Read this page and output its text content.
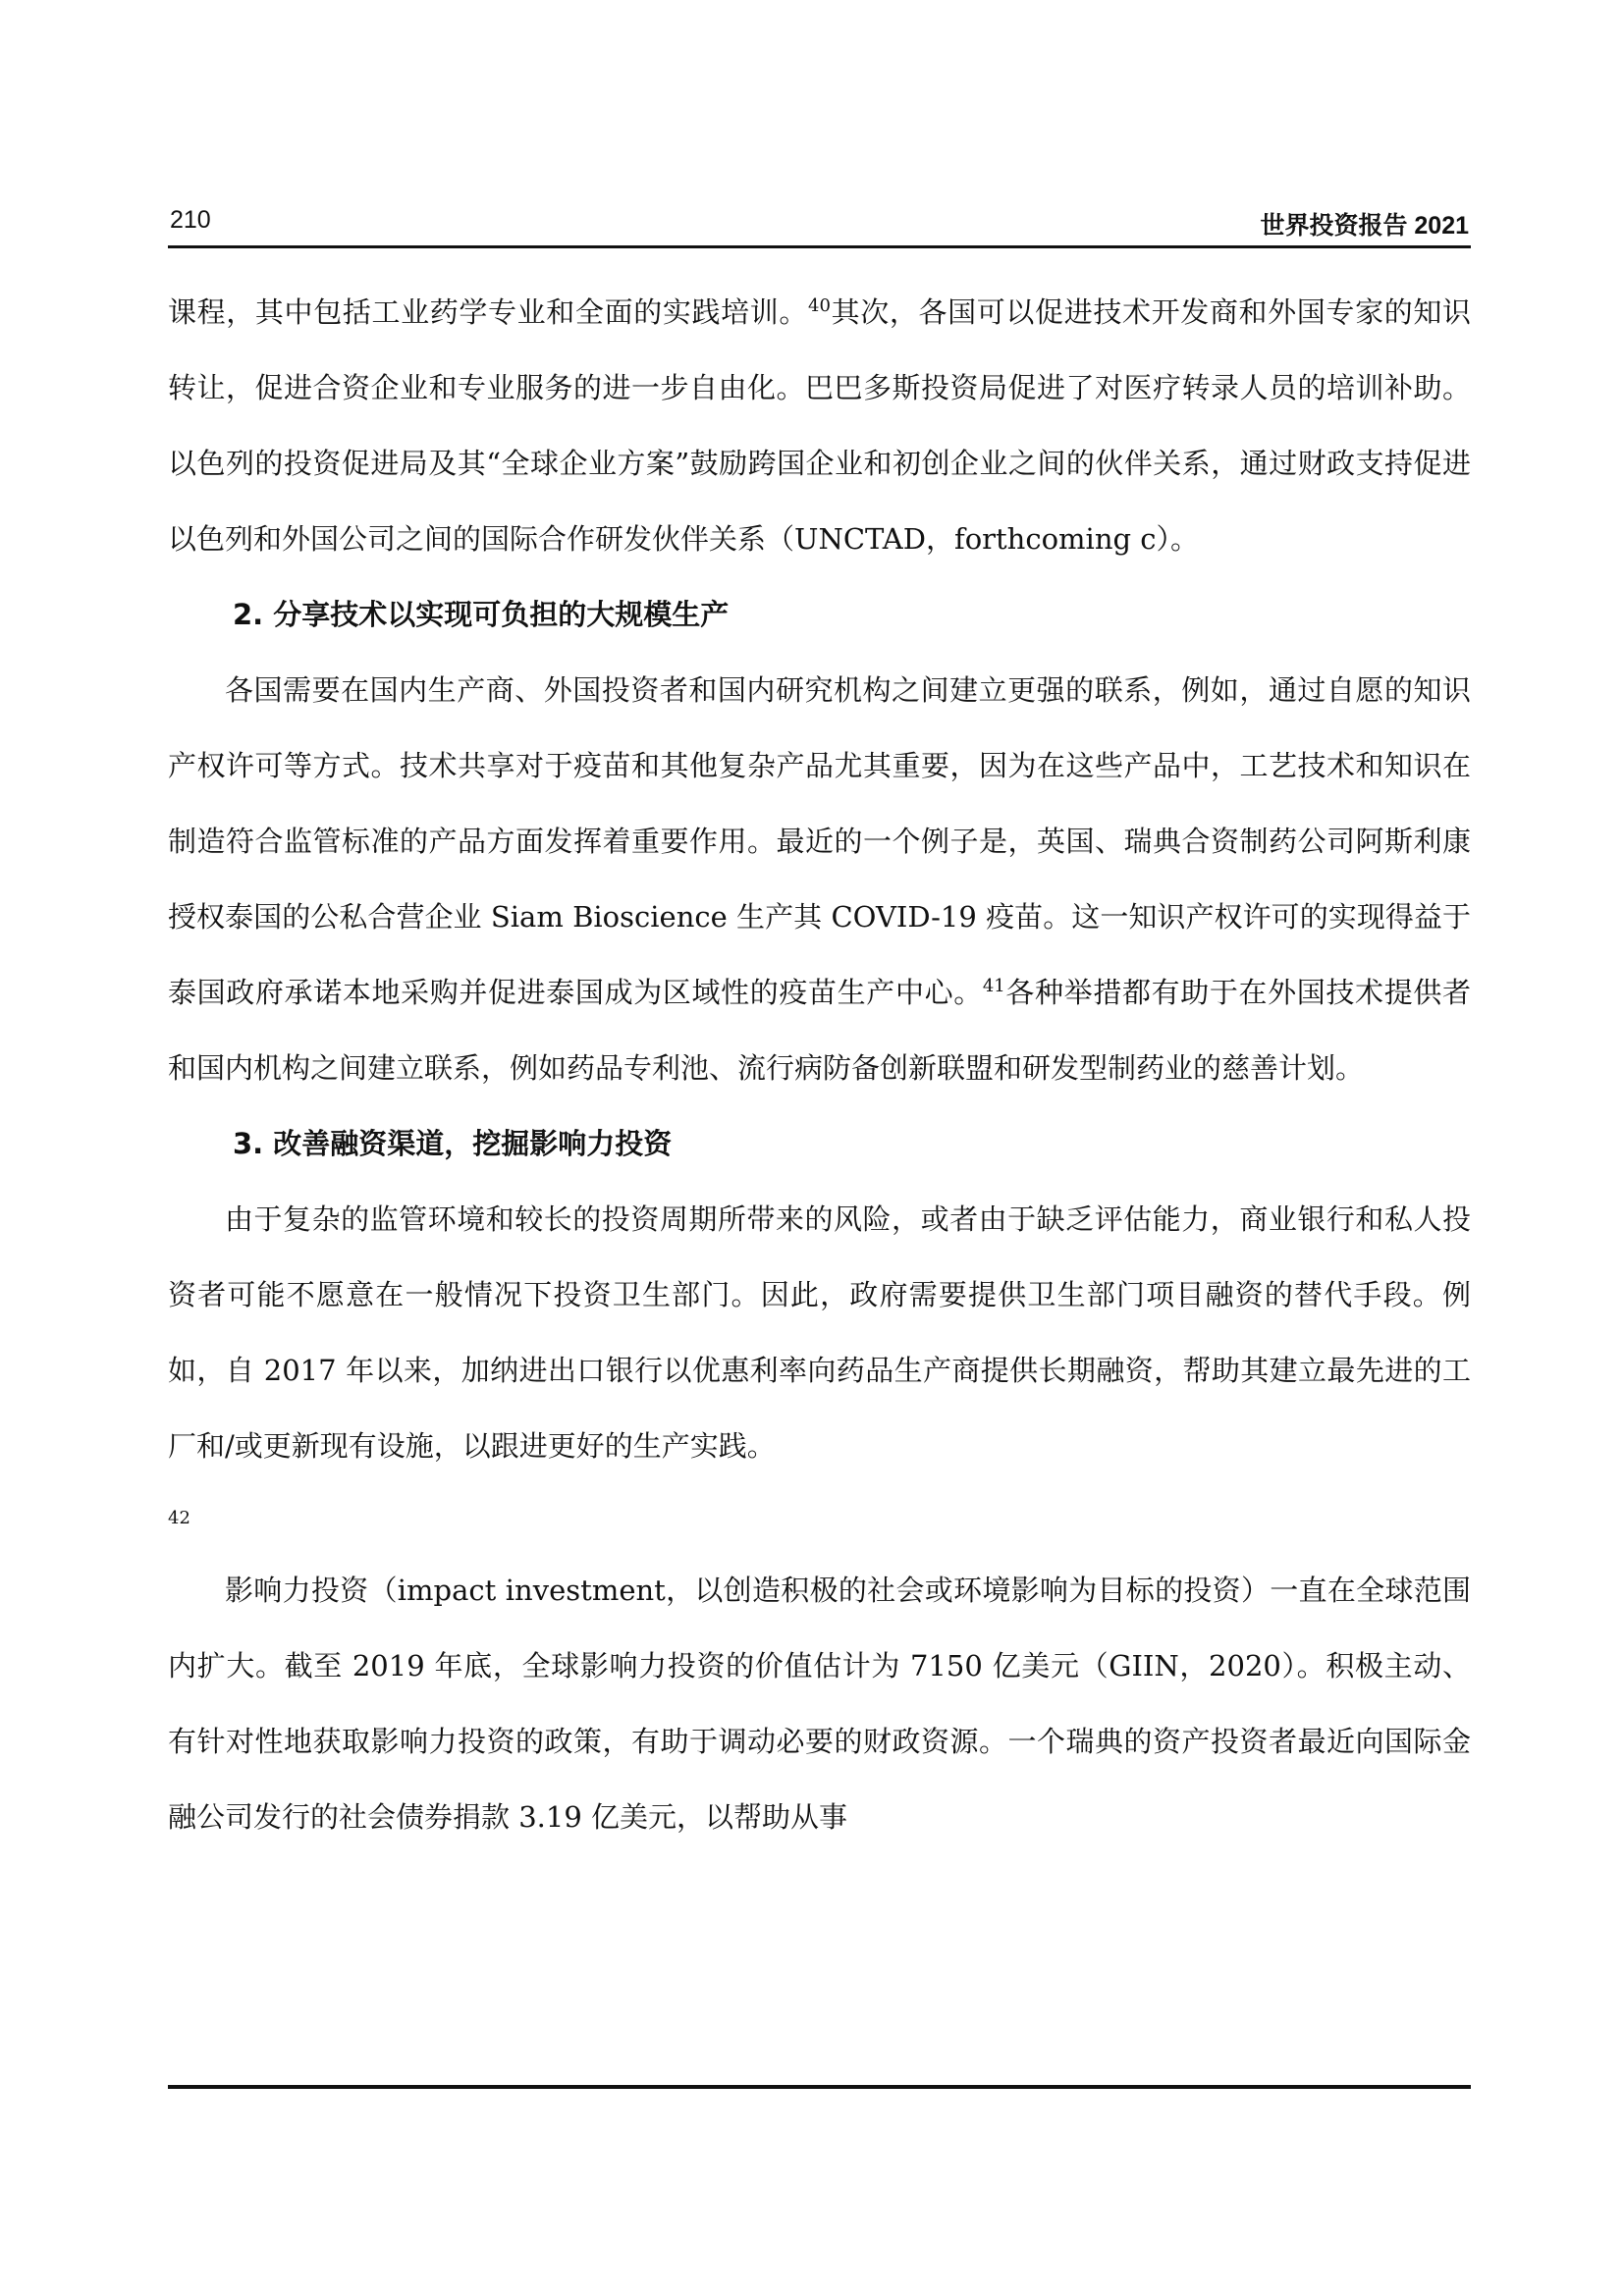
210	世界投资报告 2021

课程，其中包括工业药学专业和全面的实践培训。$^{40}$其次，各国可以促进技术开发商和外国专家的知识转让，促进合资企业和专业服务的进一步自由化。巴巴多斯投资局促进了对医疗转录人员的培训补助。以色列的投资促进局及其“全球企业方案”鼓励跨国企业和初创企业之间的伙伴关系，通过财政支持促进以色列和外国公司之间的国际合作研发伙伴关系（UNCTAD，forthcoming c）。

2. 分享技术以实现可负担的大规模生产

各国需要在国内生产商、外国投资者和国内研究机构之间建立更强的联系，例如，通过自愿的知识产权许可等方式。技术共享对于疫苗和其他复杂产品尤其重要，因为在这些产品中，工艺技术和知识在制造符合监管标准的产品方面发挥着重要作用。最近的一个例子是，英国、瑞典合资制药公司阿斯利康授权泰国的公私合营企业 Siam Bioscience 生产其 COVID-19 疫苗。这一知识产权许可的实现得益于泰国政府承诺本地采购并促进泰国成为区域性的疫苗生产中心。$^{41}$各种举措都有助于在外国技术提供者和国内机构之间建立联系，例如药品专利池、流行病防备创新联盟和研发型制药业的慈善计划。

3. 改善融资渠道，挖掘影响力投资

由于复杂的监管环境和较长的投资周期所带来的风险，或者由于缺乏评估能力，商业银行和私人投资者可能不愿意在一般情况下投资卫生部门。因此，政府需要提供卫生部门项目融资的替代手段。例如，自 2017 年以来，加纳进出口银行以优惠利率向药品生产商提供长期融资，帮助其建立最先进的工厂和/或更新现有设施，以跟进更好的生产实践。

42

影响力投资（impact investment，以创造积极的社会或环境影响为目标的投资）一直在全球范围内扩大。截至 2019 年底，全球影响力投资的价值估计为 7150 亿美元（GIIN，2020）。积极主动、有针对性地获取影响力投资的政策，有助于调动必要的财政资源。一个瑞典的资产投资者最近向国际金融公司发行的社会债券捐款 3.19 亿美元，以帮助从事
